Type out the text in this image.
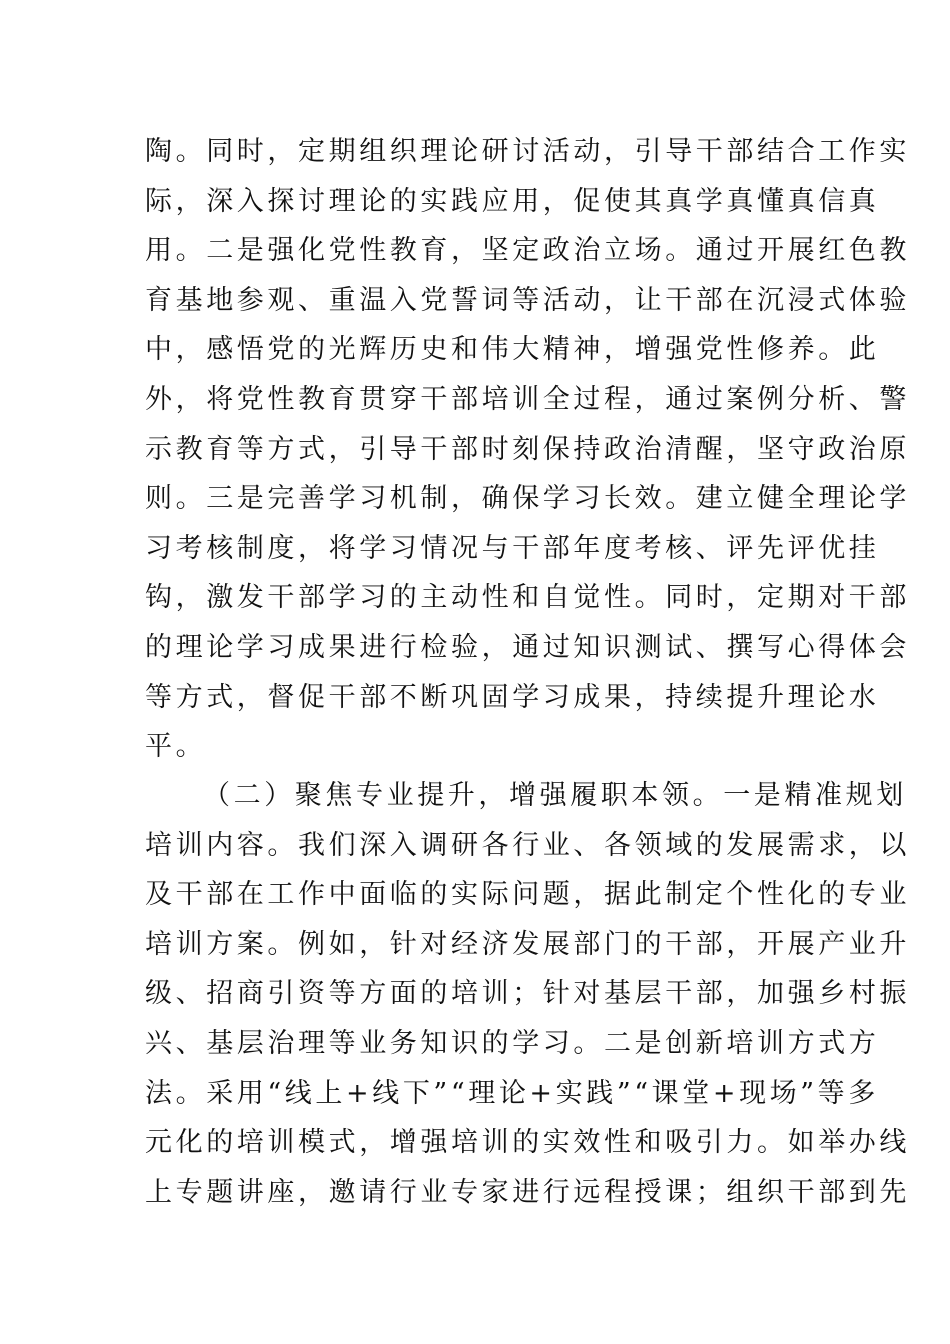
陶。同时，定期组织理论研讨活动，引导干部结合工作实
际，深入探讨理论的实践应用，促使其真学真懂真信真
用。二是强化党性教育，坚定政治立场。通过开展红色教
育基地参观、重温入党誓词等活动，让干部在沉浸式体验
中，感悟党的光辉历史和伟大精神，增强党性修养。此
外，将党性教育贯穿干部培训全过程，通过案例分析、警
示教育等方式，引导干部时刻保持政治清醒，坚守政治原
则。三是完善学习机制，确保学习长效。建立健全理论学
习考核制度，将学习情况与干部年度考核、评先评优挂
钩，激发干部学习的主动性和自觉性。同时，定期对干部
的理论学习成果进行检验，通过知识测试、撰写心得体会
等方式，督促干部不断巩固学习成果，持续提升理论水
平。
（二）聚焦专业提升，增强履职本领。一是精准规划
培训内容。我们深入调研各行业、各领域的发展需求，以
及干部在工作中面临的实际问题，据此制定个性化的专业
培训方案。例如，针对经济发展部门的干部，开展产业升
级、招商引资等方面的培训；针对基层干部，加强乡村振
兴、基层治理等业务知识的学习。二是创新培训方式方
法。采用“线上+线下”“理论+实践”“课堂+现场”等多
元化的培训模式，增强培训的实效性和吸引力。如举办线
上专题讲座，邀请行业专家进行远程授课；组织干部到先
